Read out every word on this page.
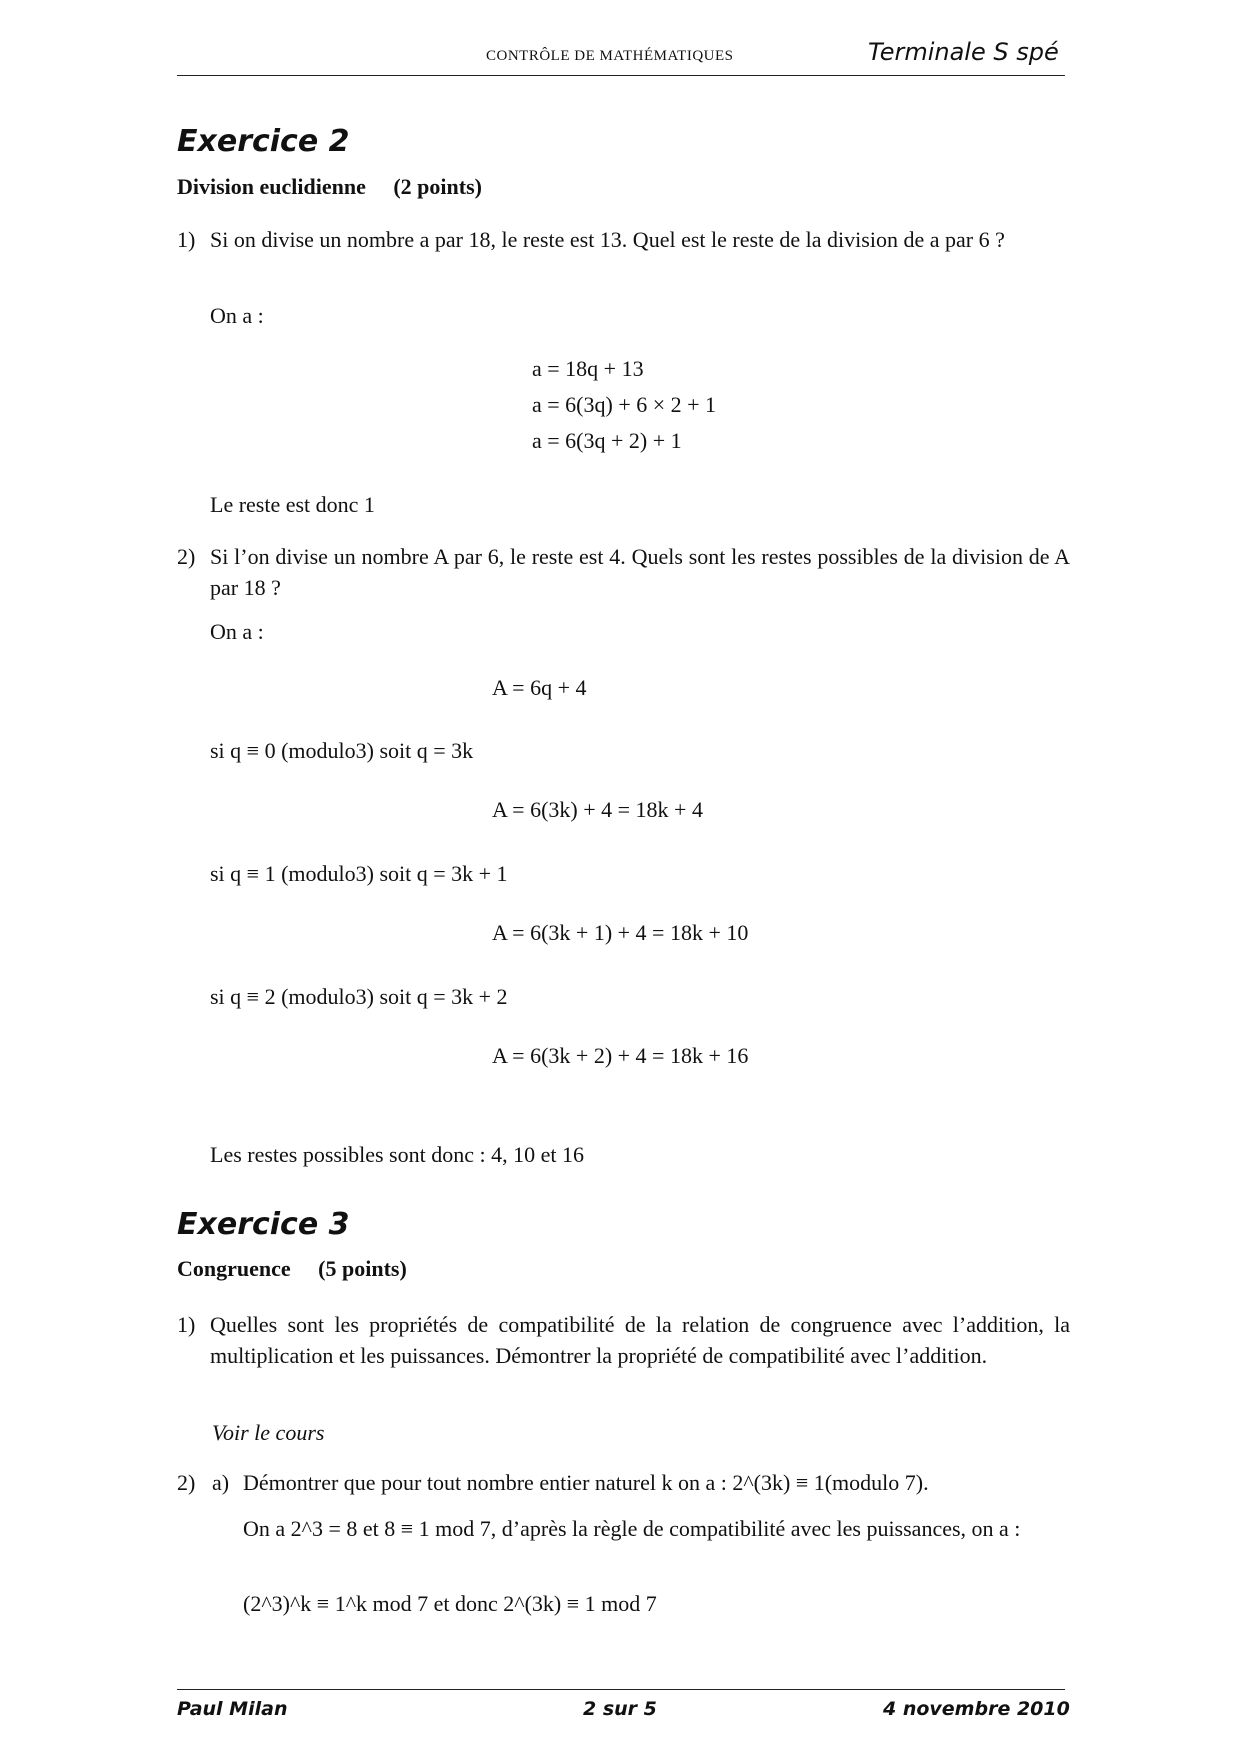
CONTRÔLE DE MATHÉMATIQUES	Terminale S spé
Exercice 2
Division euclidienne (2 points)
1) Si on divise un nombre a par 18, le reste est 13. Quel est le reste de la division de a par 6 ?
On a :
a = 18q + 13
a = 6(3q) + 6 × 2 + 1
a = 6(3q + 2) + 1
Le reste est donc 1
2) Si l’on divise un nombre A par 6, le reste est 4. Quels sont les restes possibles de la division de A par 18 ?
On a :
A = 6q + 4
si q ≡ 0 (modulo3) soit q = 3k
A = 6(3k) + 4 = 18k + 4
si q ≡ 1 (modulo3) soit q = 3k + 1
A = 6(3k + 1) + 4 = 18k + 10
si q ≡ 2 (modulo3) soit q = 3k + 2
A = 6(3k + 2) + 4 = 18k + 16
Les restes possibles sont donc : 4, 10 et 16
Exercice 3
Congruence (5 points)
1) Quelles sont les propriétés de compatibilité de la relation de congruence avec l’addition, la multiplication et les puissances. Démontrer la propriété de compatibilité avec l’addition.
Voir le cours
2) a) Démontrer que pour tout nombre entier naturel k on a : 2^(3k) ≡ 1(modulo 7).
On a 2^3 = 8 et 8 ≡ 1 mod 7, d’après la règle de compatibilité avec les puissances, on a :
(2^3)^k ≡ 1^k mod 7 et donc 2^(3k) ≡ 1 mod 7
Paul Milan	2 sur 5	4 novembre 2010
